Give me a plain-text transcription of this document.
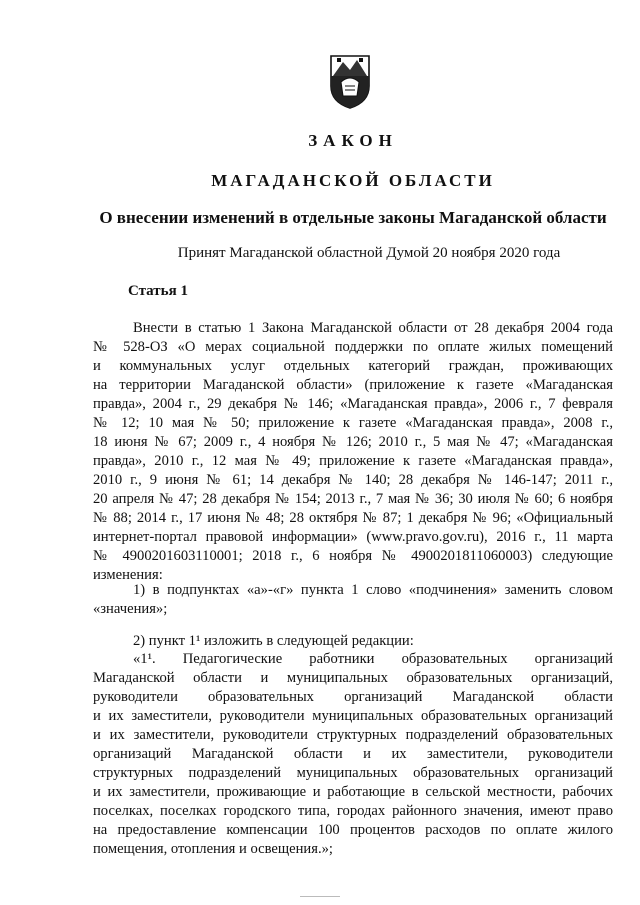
ЗАКОН
МАГАДАНСКОЙ ОБЛАСТИ
О внесении изменений в отдельные законы Магаданской области
Принят Магаданской областной Думой 20 ноября 2020 года
Статья 1
Внести в статью 1 Закона Магаданской области от 28 декабря 2004 года
№ 528-ОЗ «О мерах социальной поддержки по оплате жилых помещений
и коммунальных услуг отдельных категорий граждан, проживающих
на территории Магаданской области» (приложение к газете «Магаданская
правда», 2004 г., 29 декабря № 146; «Магаданская правда», 2006 г., 7 февраля
№ 12; 10 мая № 50; приложение к газете «Магаданская правда», 2008 г.,
18 июня № 67; 2009 г., 4 ноября № 126; 2010 г., 5 мая № 47; «Магаданская
правда», 2010 г., 12 мая № 49; приложение к газете «Магаданская правда»,
2010 г., 9 июня № 61; 14 декабря № 140; 28 декабря № 146-147; 2011 г.,
20 апреля № 47; 28 декабря № 154; 2013 г., 7 мая № 36; 30 июля № 60; 6 ноября
№ 88; 2014 г., 17 июня № 48; 28 октября № 87; 1 декабря № 96; «Официальный
интернет-портал правовой информации» (www.pravo.gov.ru), 2016 г., 11 марта
№ 4900201603110001; 2018 г., 6 ноября № 4900201811060003) следующие
изменения:
1) в подпунктах «а»-«г» пункта 1 слово «подчинения» заменить словом
«значения»;
2) пункт 1¹ изложить в следующей редакции:
«1¹. Педагогические работники образовательных организаций
Магаданской области и муниципальных образовательных организаций,
руководители образовательных организаций Магаданской области
и их заместители, руководители муниципальных образовательных организаций
и их заместители, руководители структурных подразделений образовательных
организаций Магаданской области и их заместители, руководители
структурных подразделений муниципальных образовательных организаций
и их заместители, проживающие и работающие в сельской местности, рабочих
поселках, поселках городского типа, городах районного значения, имеют право
на предоставление компенсации 100 процентов расходов по оплате жилого
помещения, отопления и освещения.»;
